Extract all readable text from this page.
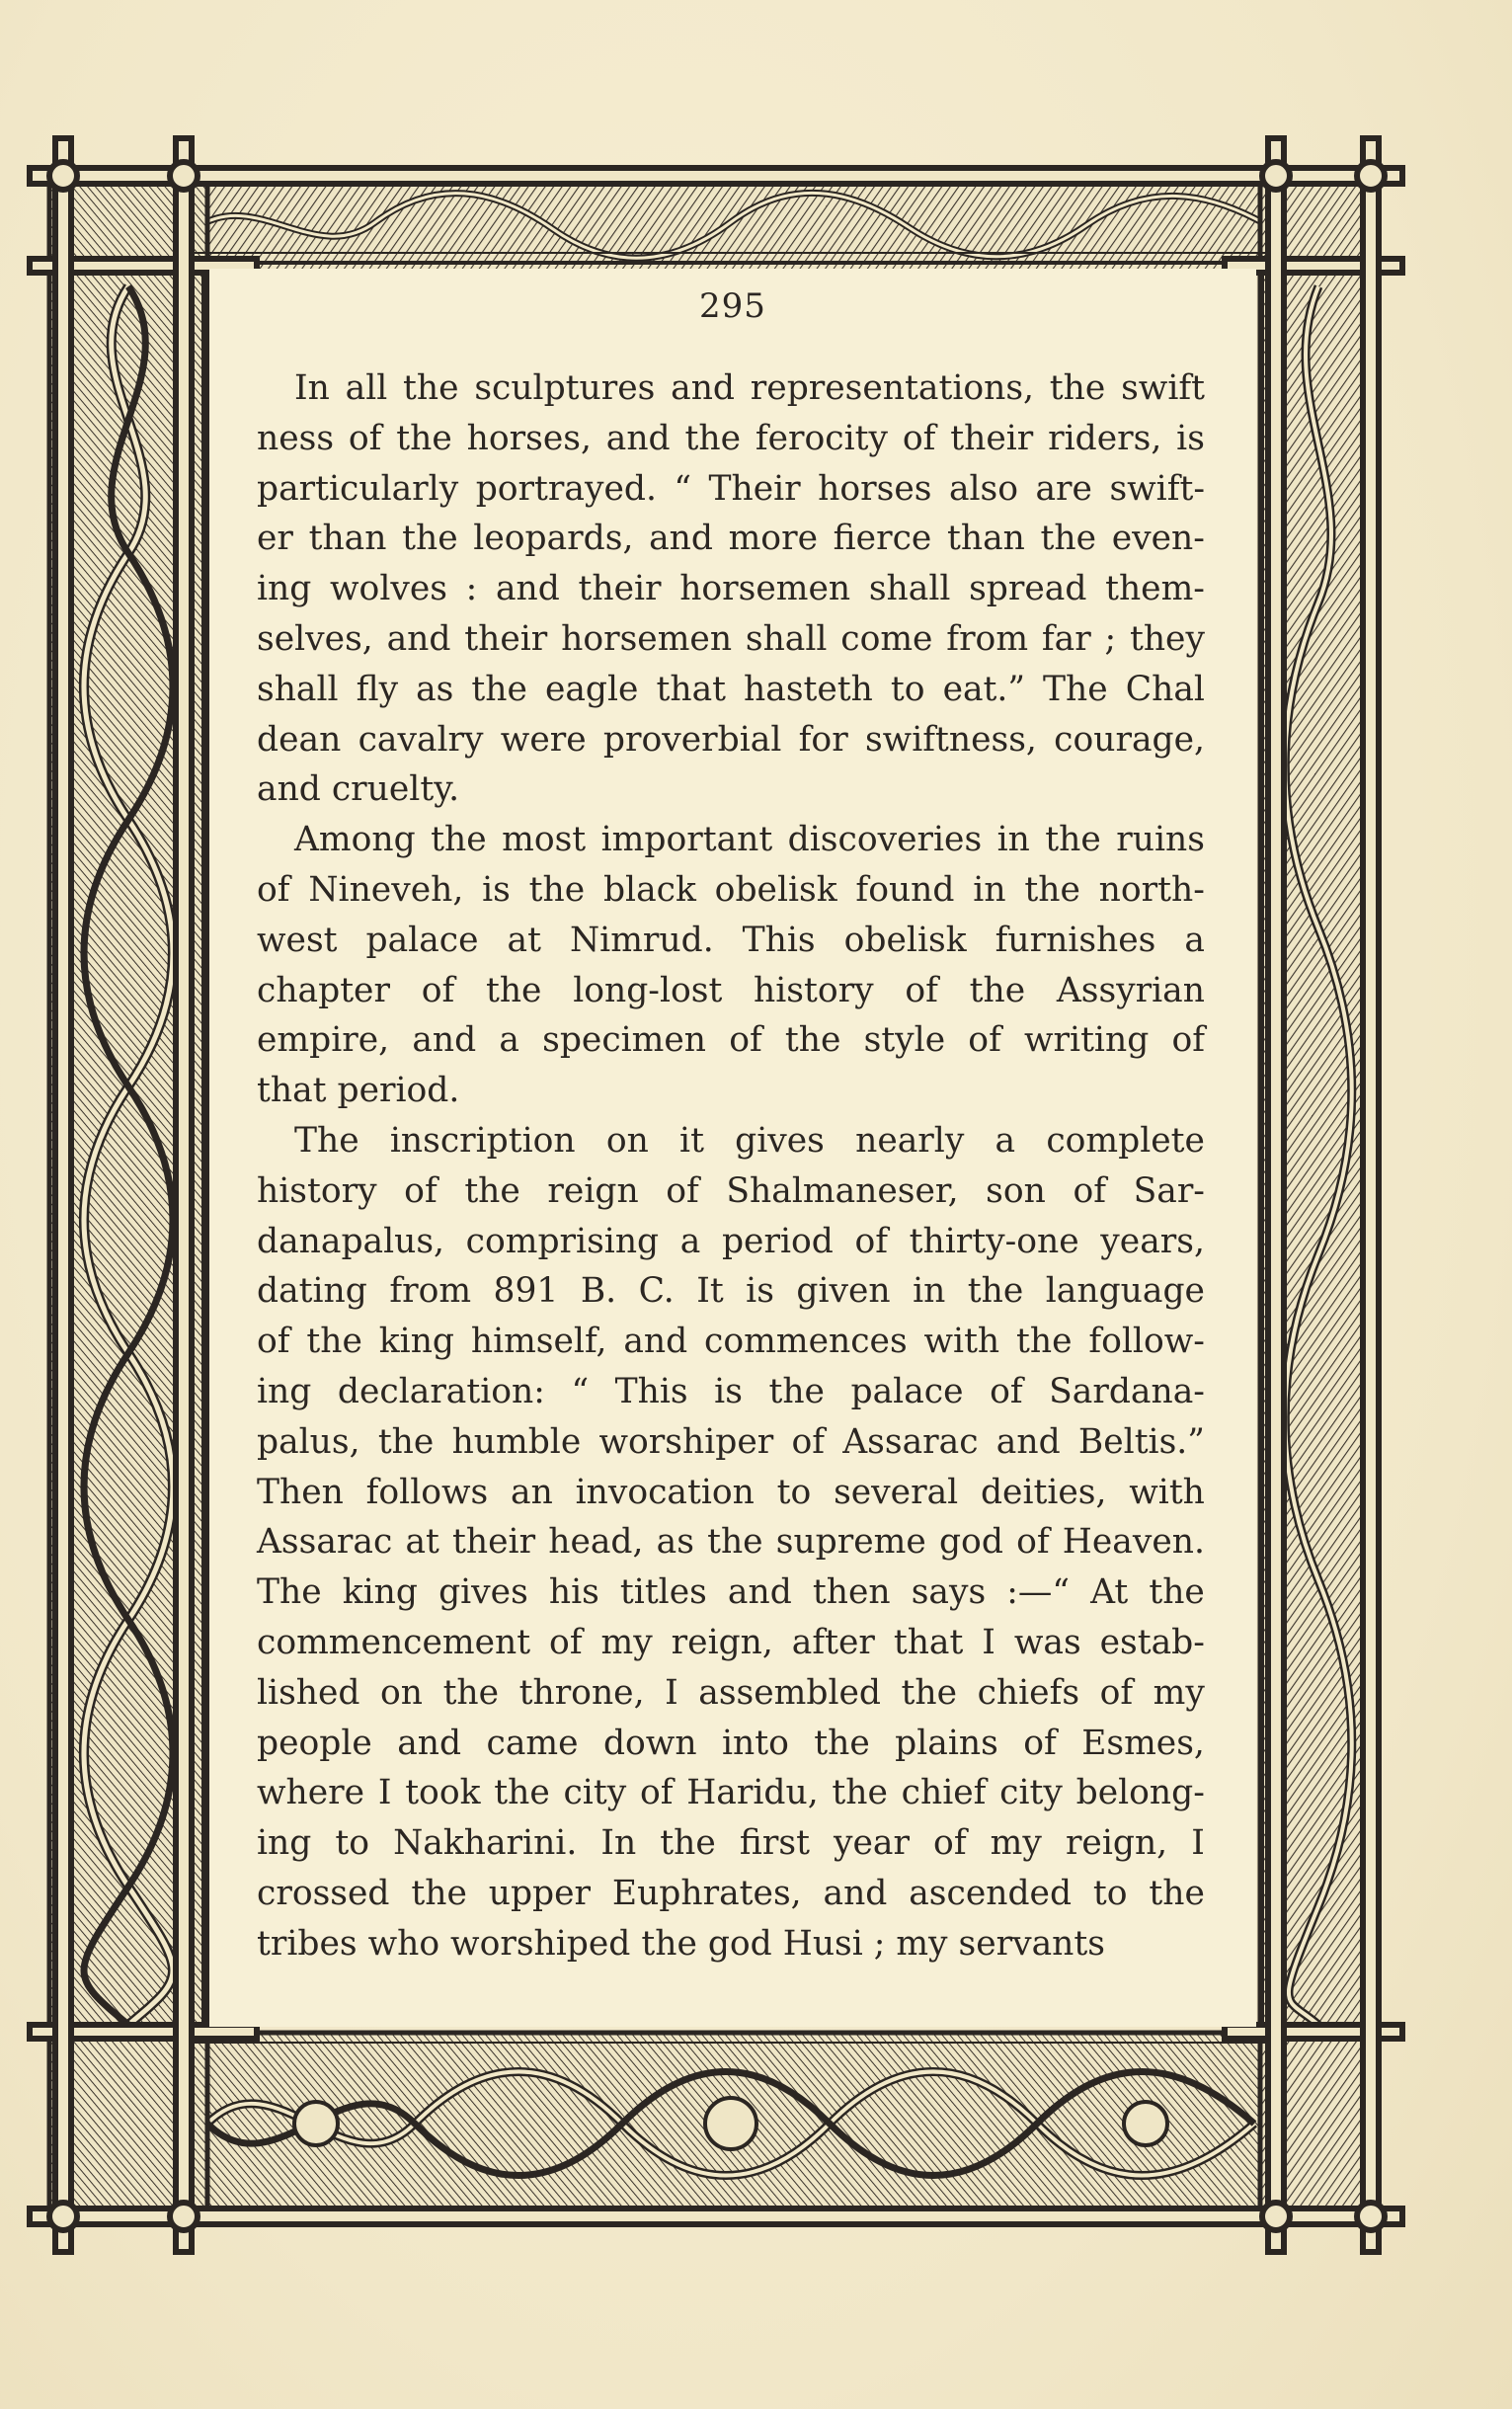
295
In all the sculptures and representations, the swift
ness of the horses, and the ferocity of their riders, is
particularly portrayed. “ Their horses also are swift-
er than the leopards, and more fierce than the even-
ing wolves : and their horsemen shall spread them-
selves, and their horsemen shall come from far ; they
shall fly as the eagle that hasteth to eat.” The Chal
dean cavalry were proverbial for swiftness, courage,
and cruelty.
Among the most important discoveries in the ruins
of Nineveh, is the black obelisk found in the north-
west palace at Nimrud. This obelisk furnishes a
chapter of the long-lost history of the Assyrian
empire, and a specimen of the style of writing of
that period.
The inscription on it gives nearly a complete
history of the reign of Shalmaneser, son of Sar-
danapalus, comprising a period of thirty-one years,
dating from 891 B. C. It is given in the language
of the king himself, and commences with the follow-
ing declaration: “ This is the palace of Sardana-
palus, the humble worshiper of Assarac and Beltis.”
Then follows an invocation to several deities, with
Assarac at their head, as the supreme god of Heaven.
The king gives his titles and then says :—“ At the
commencement of my reign, after that I was estab-
lished on the throne, I assembled the chiefs of my
people and came down into the plains of Esmes,
where I took the city of Haridu, the chief city belong-
ing to Nakharini. In the first year of my reign, I
crossed the upper Euphrates, and ascended to the
tribes who worshiped the god Husi ; my servants
